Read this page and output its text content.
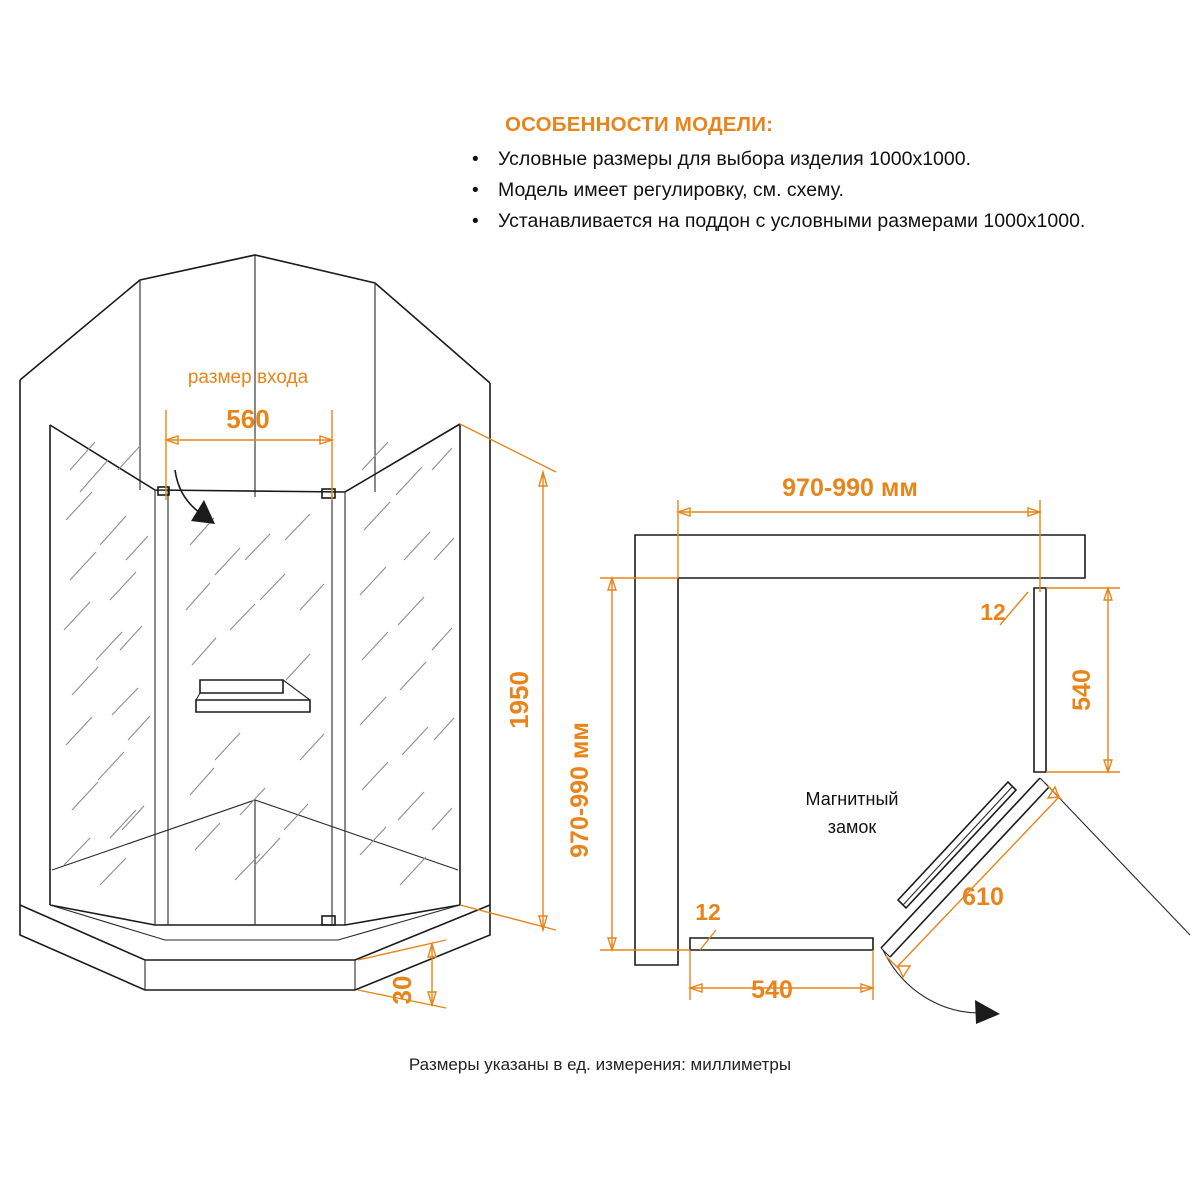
ОСОБЕННОСТИ МОДЕЛИ:
• Условные размеры для выбора изделия 1000х1000.
• Модель имеет регулировку, см. схему.
• Устанавливается на поддон с условными размерами 1000х1000.
размер входа
560
1950
30
970-990 мм
970-990 мм
12
12
540
540
610
Магнитный
замок
Размеры указаны в ед. измерения: миллиметры
